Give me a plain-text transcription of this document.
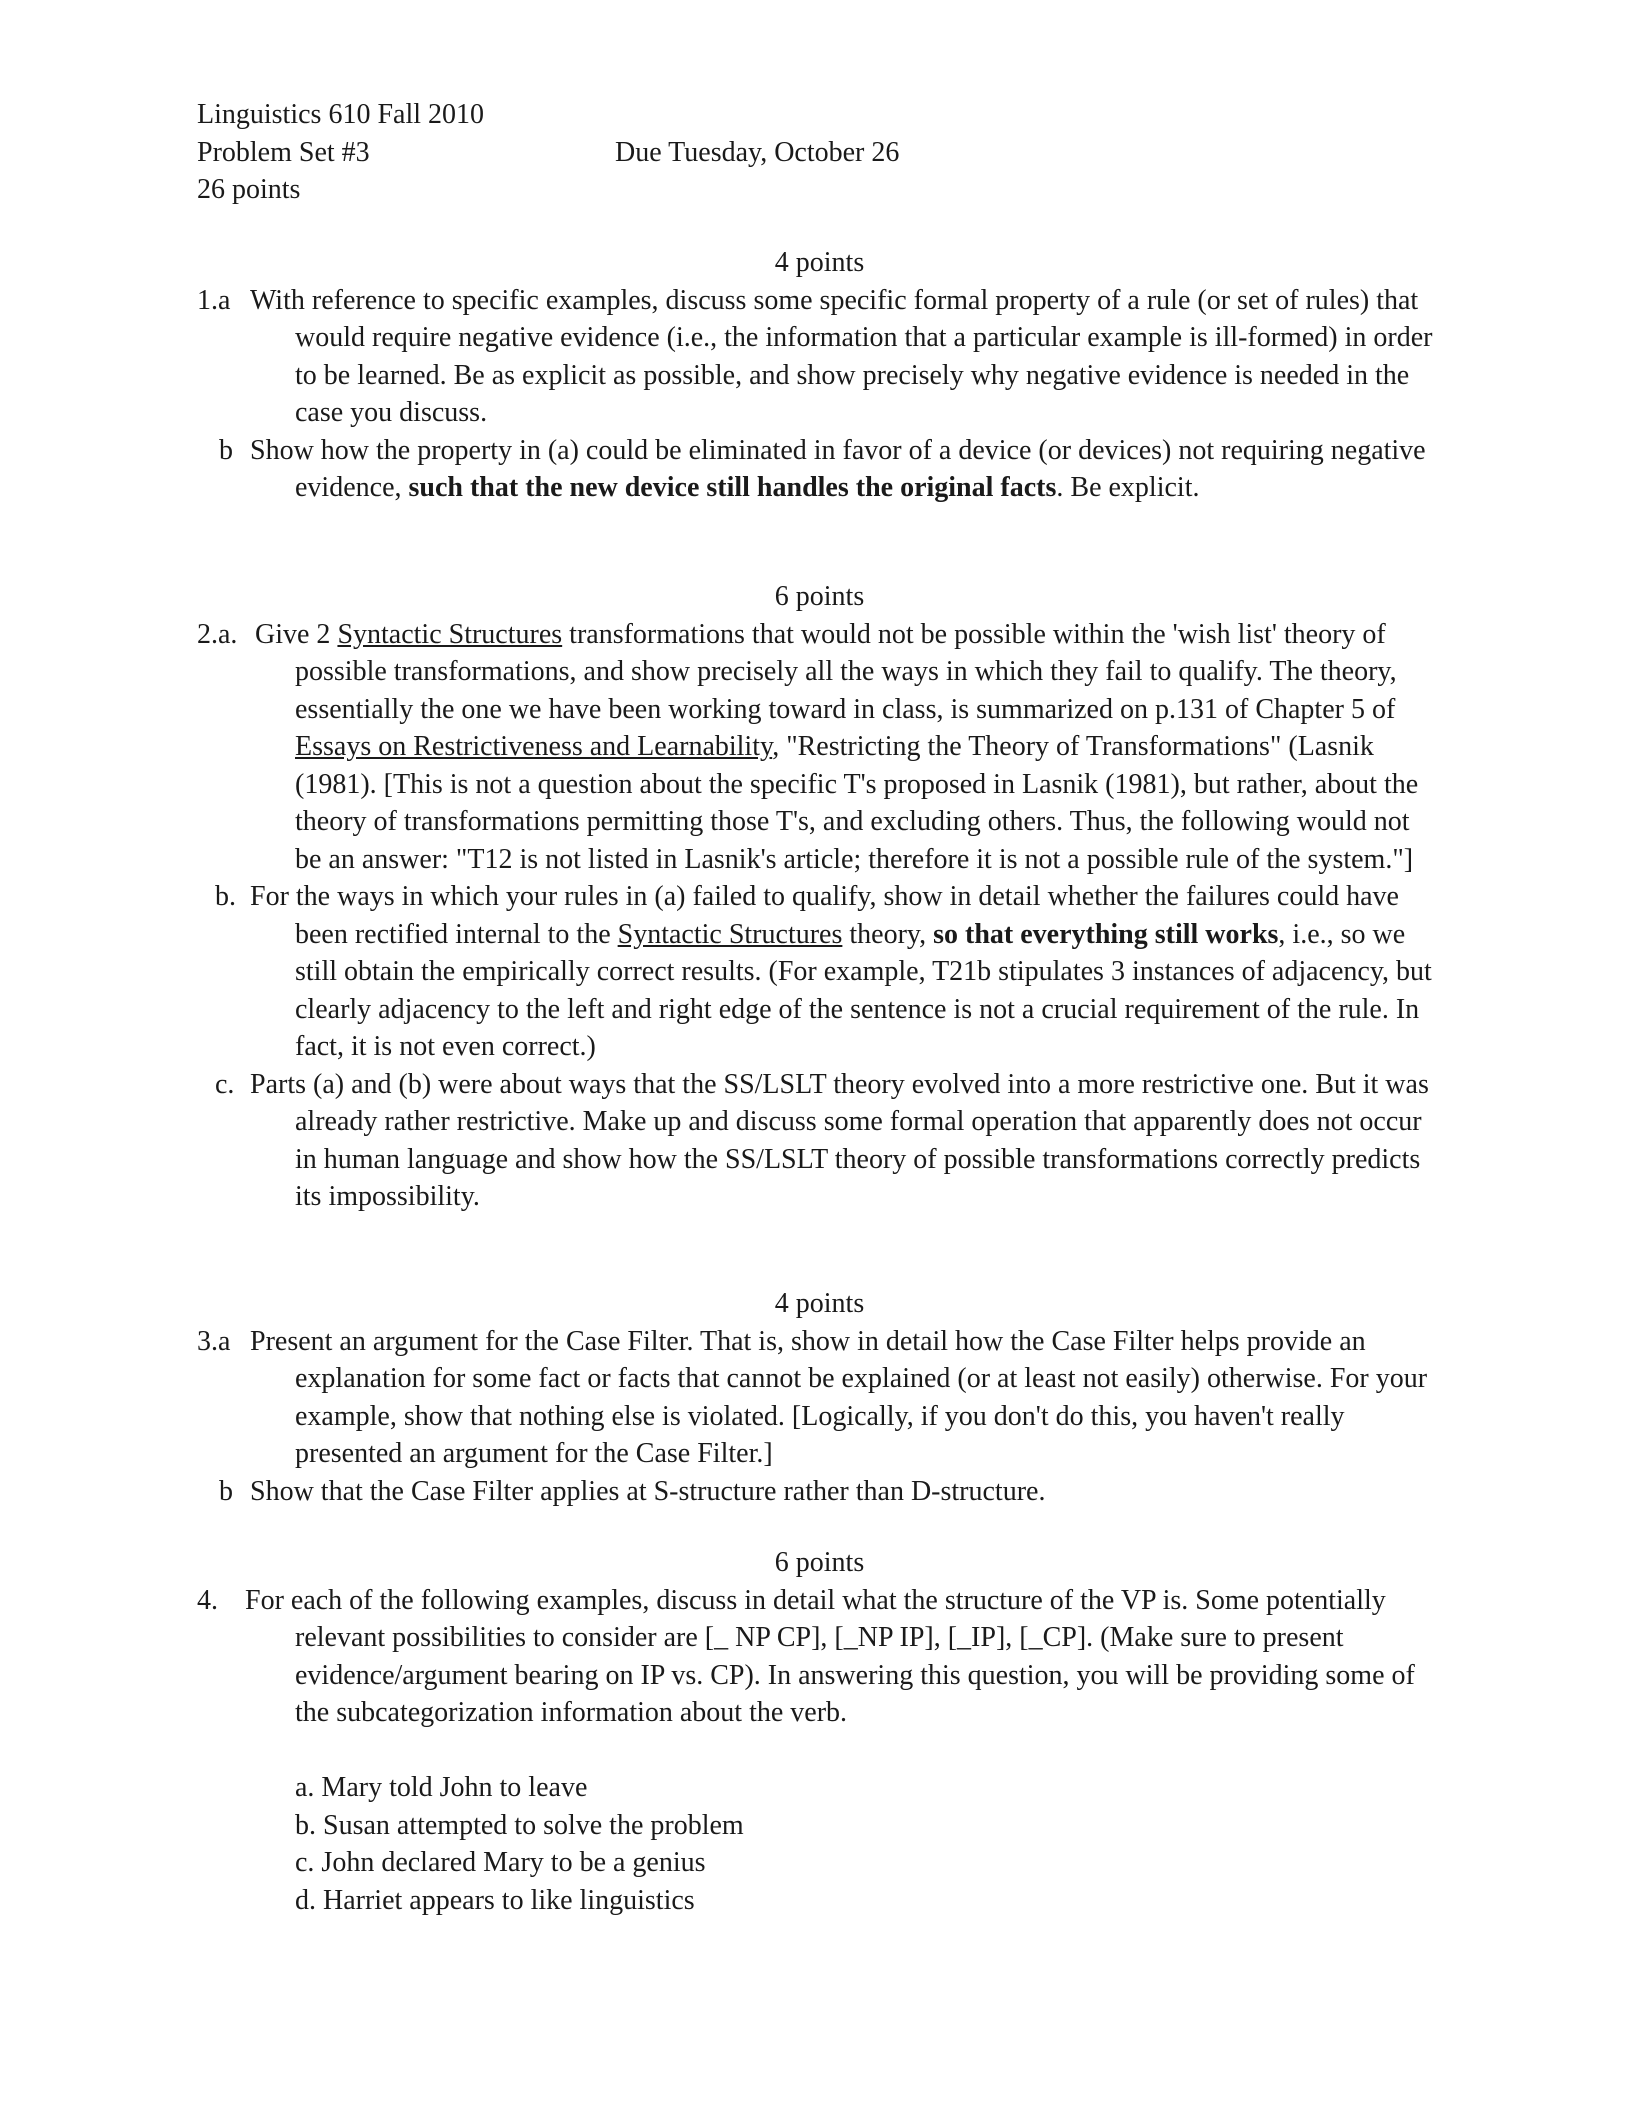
Linguistics 610 Fall 2010
Problem Set #3	Due Tuesday, October 26
26 points
4 points
1.a With reference to specific examples, discuss some specific formal property of a rule (or set of rules) that would require negative evidence (i.e., the information that a particular example is ill-formed) in order to be learned. Be as explicit as possible, and show precisely why negative evidence is needed in the case you discuss.
b Show how the property in (a) could be eliminated in favor of a device (or devices) not requiring negative evidence, such that the new device still handles the original facts. Be explicit.
6 points
2.a. Give 2 Syntactic Structures transformations that would not be possible within the 'wish list' theory of possible transformations, and show precisely all the ways in which they fail to qualify. The theory, essentially the one we have been working toward in class, is summarized on p.131 of Chapter 5 of Essays on Restrictiveness and Learnability, "Restricting the Theory of Transformations" (Lasnik (1981). [This is not a question about the specific T's proposed in Lasnik (1981), but rather, about the theory of transformations permitting those T's, and excluding others. Thus, the following would not be an answer: "T12 is not listed in Lasnik's article; therefore it is not a possible rule of the system."]
b. For the ways in which your rules in (a) failed to qualify, show in detail whether the failures could have been rectified internal to the Syntactic Structures theory, so that everything still works, i.e., so we still obtain the empirically correct results. (For example, T21b stipulates 3 instances of adjacency, but clearly adjacency to the left and right edge of the sentence is not a crucial requirement of the rule. In fact, it is not even correct.)
c. Parts (a) and (b) were about ways that the SS/LSLT theory evolved into a more restrictive one. But it was already rather restrictive. Make up and discuss some formal operation that apparently does not occur in human language and show how the SS/LSLT theory of possible transformations correctly predicts its impossibility.
4 points
3.a Present an argument for the Case Filter. That is, show in detail how the Case Filter helps provide an explanation for some fact or facts that cannot be explained (or at least not easily) otherwise. For your example, show that nothing else is violated. [Logically, if you don't do this, you haven't really presented an argument for the Case Filter.]
b Show that the Case Filter applies at S-structure rather than D-structure.
6 points
4. For each of the following examples, discuss in detail what the structure of the VP is. Some potentially relevant possibilities to consider are [_ NP CP], [_NP IP], [_IP], [_CP]. (Make sure to present evidence/argument bearing on IP vs. CP). In answering this question, you will be providing some of the subcategorization information about the verb.
a. Mary told John to leave
b. Susan attempted to solve the problem
c. John declared Mary to be a genius
d. Harriet appears to like linguistics
